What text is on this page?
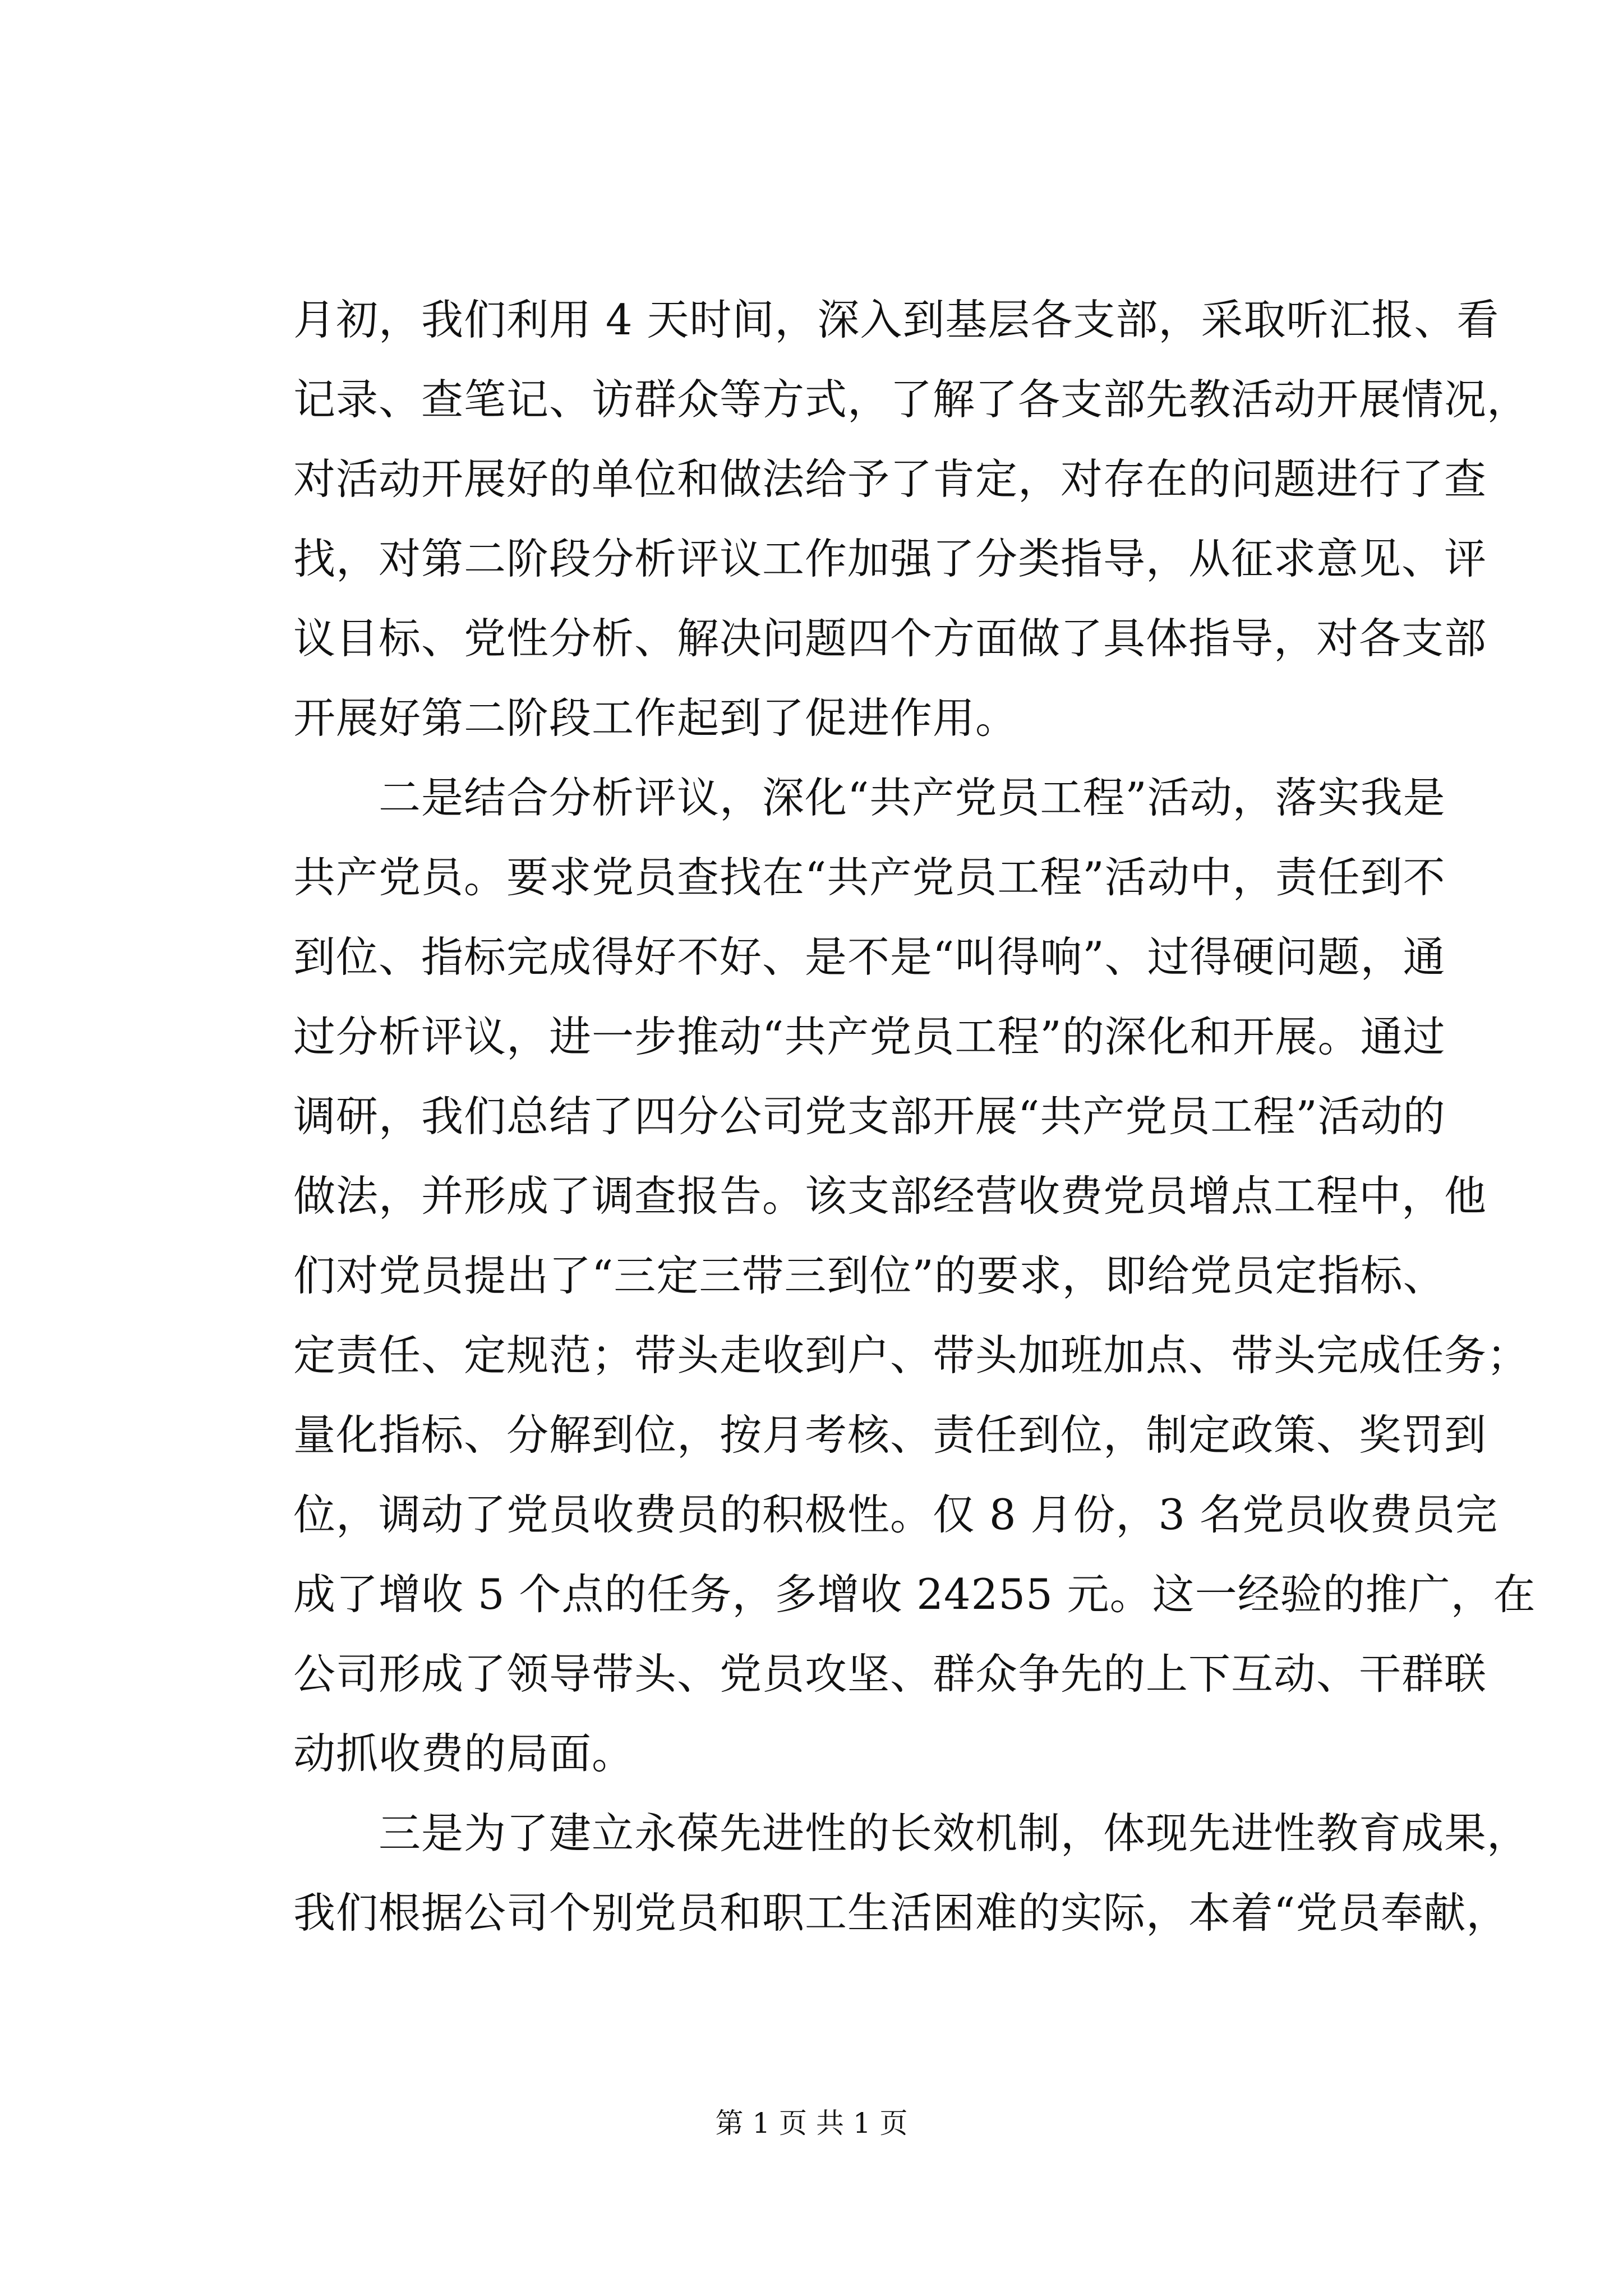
月初，我们利用 4 天时间，深入到基层各支部，采取听汇报、看
记录、查笔记、访群众等方式，了解了各支部先教活动开展情况，
对活动开展好的单位和做法给予了肯定，对存在的问题进行了查
找，对第二阶段分析评议工作加强了分类指导，从征求意见、评
议目标、党性分析、解决问题四个方面做了具体指导，对各支部
开展好第二阶段工作起到了促进作用。
　　二是结合分析评议，深化“共产党员工程”活动，落实我是
共产党员。要求党员查找在“共产党员工程”活动中，责任到不
到位、指标完成得好不好、是不是“叫得响”、过得硬问题，通
过分析评议，进一步推动“共产党员工程”的深化和开展。通过
调研，我们总结了四分公司党支部开展“共产党员工程”活动的
做法，并形成了调查报告。该支部经营收费党员增点工程中，他
们对党员提出了“三定三带三到位”的要求，即给党员定指标、
定责任、定规范；带头走收到户、带头加班加点、带头完成任务；
量化指标、分解到位，按月考核、责任到位，制定政策、奖罚到
位，调动了党员收费员的积极性。仅 8 月份，3 名党员收费员完
成了增收 5 个点的任务，多增收 24255 元。这一经验的推广，在
公司形成了领导带头、党员攻坚、群众争先的上下互动、干群联
动抓收费的局面。
　　三是为了建立永葆先进性的长效机制，体现先进性教育成果，
我们根据公司个别党员和职工生活困难的实际，本着“党员奉献，
第 1 页 共 1 页
